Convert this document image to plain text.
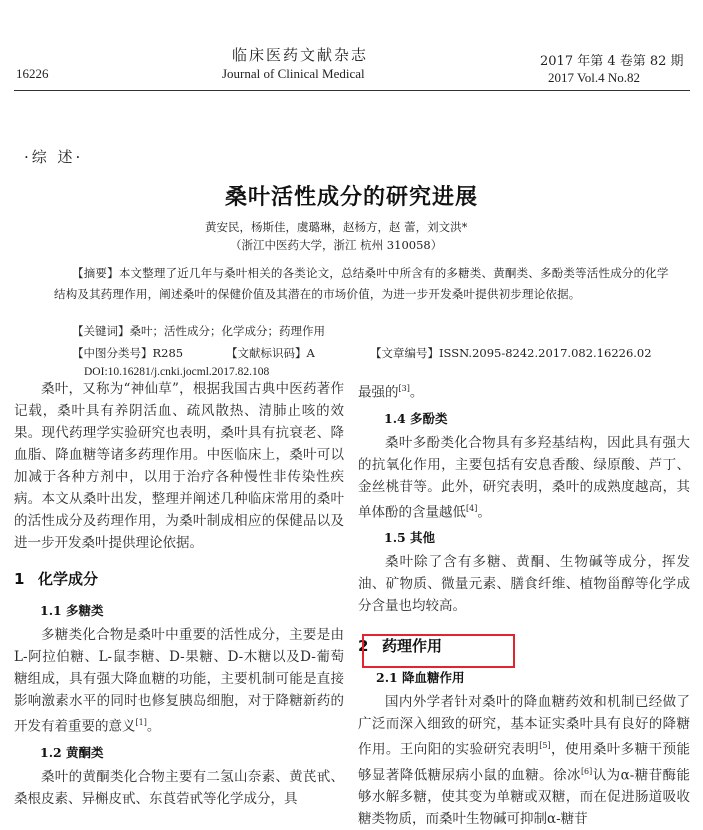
临床医药文献杂志
Journal of Clinical Medical
16226
2017 年第 4 卷第 82 期
2017 Vol.4 No.82
·综 述·
桑叶活性成分的研究进展
黄安民，杨斯佳，虞璐琳，赵杨方，赵 蕾，刘文洪*
（浙江中医药大学，浙江 杭州 310058）
【摘要】本文整理了近几年与桑叶相关的各类论文，总结桑叶中所含有的多糖类、黄酮类、多酚类等活性成分的化学结构及其药理作用，阐述桑叶的保健价值及其潜在的市场价值，为进一步开发桑叶提供初步理论依据。
【关键词】桑叶；活性成分；化学成分；药理作用
【中图分类号】R285	【文献标识码】A	【文章编号】ISSN.2095-8242.2017.082.16226.02
DOI:10.16281/j.cnki.jocml.2017.82.108

桑叶，又称为“神仙草”，根据我国古典中医药著作记载，桑叶具有养阴活血、疏风散热、清肺止咳的效果。现代药理学实验研究也表明，桑叶具有抗衰老、降血脂、降血糖等诸多药理作用。中医临床上，桑叶可以加减于各种方剂中，以用于治疗各种慢性非传染性疾病。本文从桑叶出发，整理并阐述几种临床常用的桑叶的活性成分及药理作用，为桑叶制成相应的保健品以及进一步开发桑叶提供理论依据。

1 化学成分
1.1 多糖类

多糖类化合物是桑叶中重要的活性成分，主要是由L-阿拉伯糖、L-鼠李糖、D-果糖、D-木糖以及D-葡萄糖组成，具有强大降血糖的功能，主要机制可能是直接影响激素水平的同时也修复胰岛细胞，对于降糖新药的开发有着重要的意义[1]。

1.2 黄酮类

桑叶的黄酮类化合物主要有二氢山奈素、黄芪甙、桑根皮素、异槲皮甙、东莨菪甙等化学成分，具

最强的[3]。

1.4 多酚类

桑叶多酚类化合物具有多羟基结构，因此具有强大的抗氧化作用，主要包括有安息香酸、绿原酸、芦丁、金丝桃苷等。此外，研究表明，桑叶的成熟度越高，其单体酚的含量越低[4]。

1.5 其他

桑叶除了含有多糖、黄酮、生物碱等成分，挥发油、矿物质、微量元素、膳食纤维、植物甾醇等化学成分含量也均较高。

2 药理作用
2.1 降血糖作用

国内外学者针对桑叶的降血糖药效和机制已经做了广泛而深入细致的研究，基本证实桑叶具有良好的降糖作用。王向阳的实验研究表明[5]，使用桑叶多糖干预能够显著降低糖尿病小鼠的血糖。徐冰[6]认为α-糖苷酶能够水解多糖，使其变为单糖或双糖，而在促进肠道吸收糖类物质，而桑叶生物碱可抑制α-糖苷
